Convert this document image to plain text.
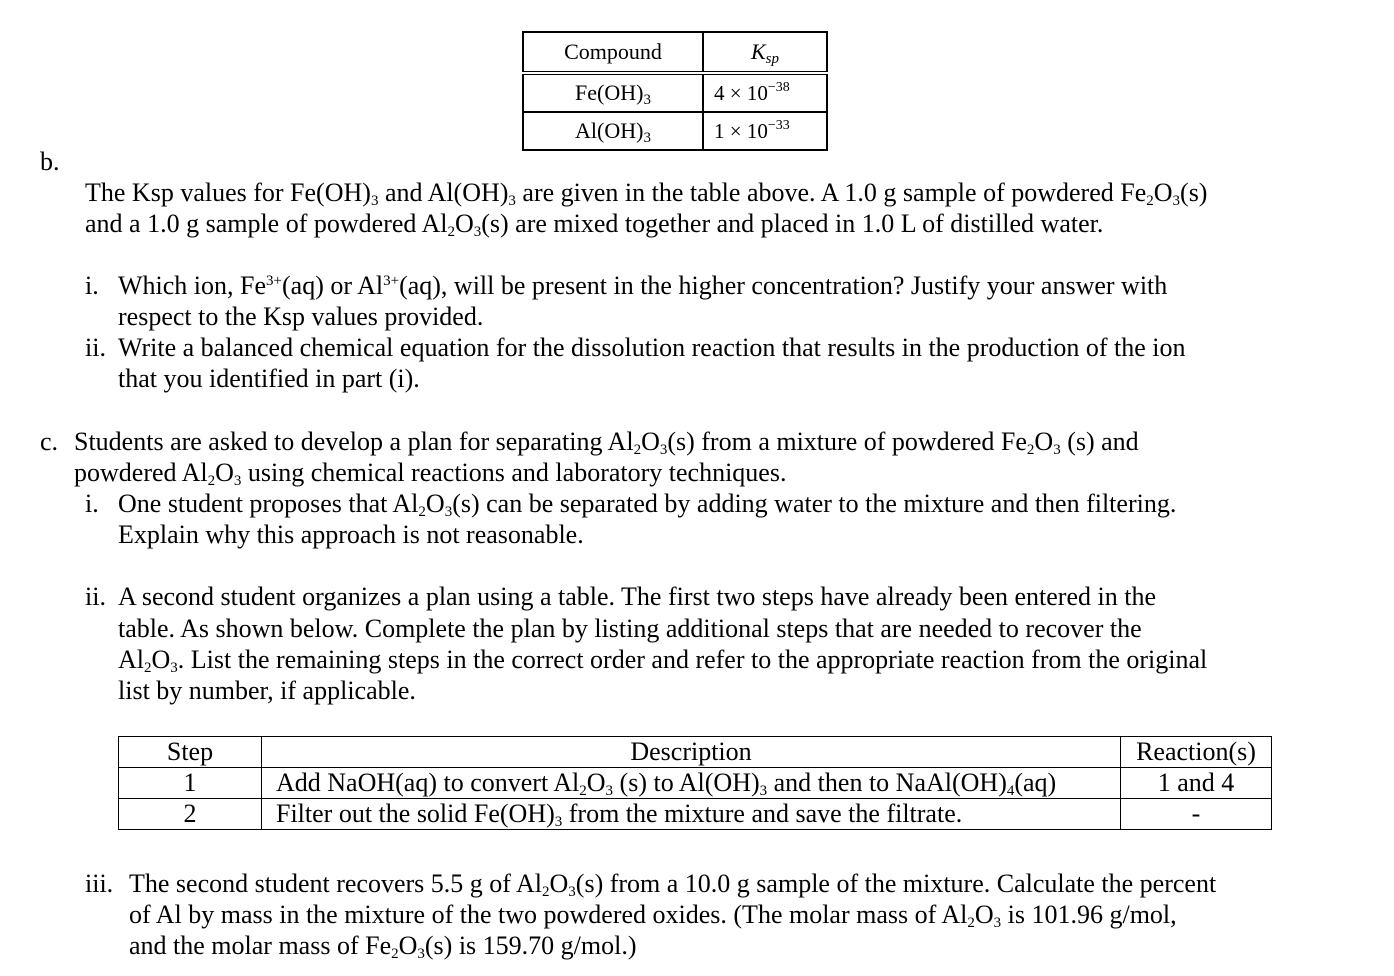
Compound	$K_{sp}$
$Fe(OH)_3$	$4 \times 10^{-38}$
$Al(OH)_3$	$1 \times 10^{-33}$
b.
The Ksp values for $Fe(OH)_3$ and $Al(OH)_3$ are given in the table above. A 1.0 g sample of powdered $Fe_2O_3(s)$
and a 1.0 g sample of powdered $Al_2O_3(s)$ are mixed together and placed in 1.0 L of distilled water.
i. Which ion, $Fe^{3+}(aq)$ or $Al^{3+}(aq)$, will be present in the higher concentration? Justify your answer with
respect to the Ksp values provided.
ii. Write a balanced chemical equation for the dissolution reaction that results in the production of the ion
that you identified in part (i).
c. Students are asked to develop a plan for separating $Al_2O_3(s)$ from a mixture of powdered $Fe_2O_3$ (s) and
powdered $Al_2O_3$ using chemical reactions and laboratory techniques.
i. One student proposes that $Al_2O_3(s)$ can be separated by adding water to the mixture and then filtering.
Explain why this approach is not reasonable.
ii. A second student organizes a plan using a table. The first two steps have already been entered in the
table. As shown below. Complete the plan by listing additional steps that are needed to recover the
$Al_2O_3$. List the remaining steps in the correct order and refer to the appropriate reaction from the original
list by number, if applicable.
Step	Description	Reaction(s)
1	Add NaOH(aq) to convert $Al_2O_3$ (s) to $Al(OH)_3$ and then to $NaAl(OH)_4(aq)$	1 and 4
2	Filter out the solid $Fe(OH)_3$ from the mixture and save the filtrate.	-
iii. The second student recovers 5.5 g of $Al_2O_3(s)$ from a 10.0 g sample of the mixture. Calculate the percent
of Al by mass in the mixture of the two powdered oxides. (The molar mass of $Al_2O_3$ is 101.96 g/mol,
and the molar mass of $Fe_2O_3(s)$ is 159.70 g/mol.)
